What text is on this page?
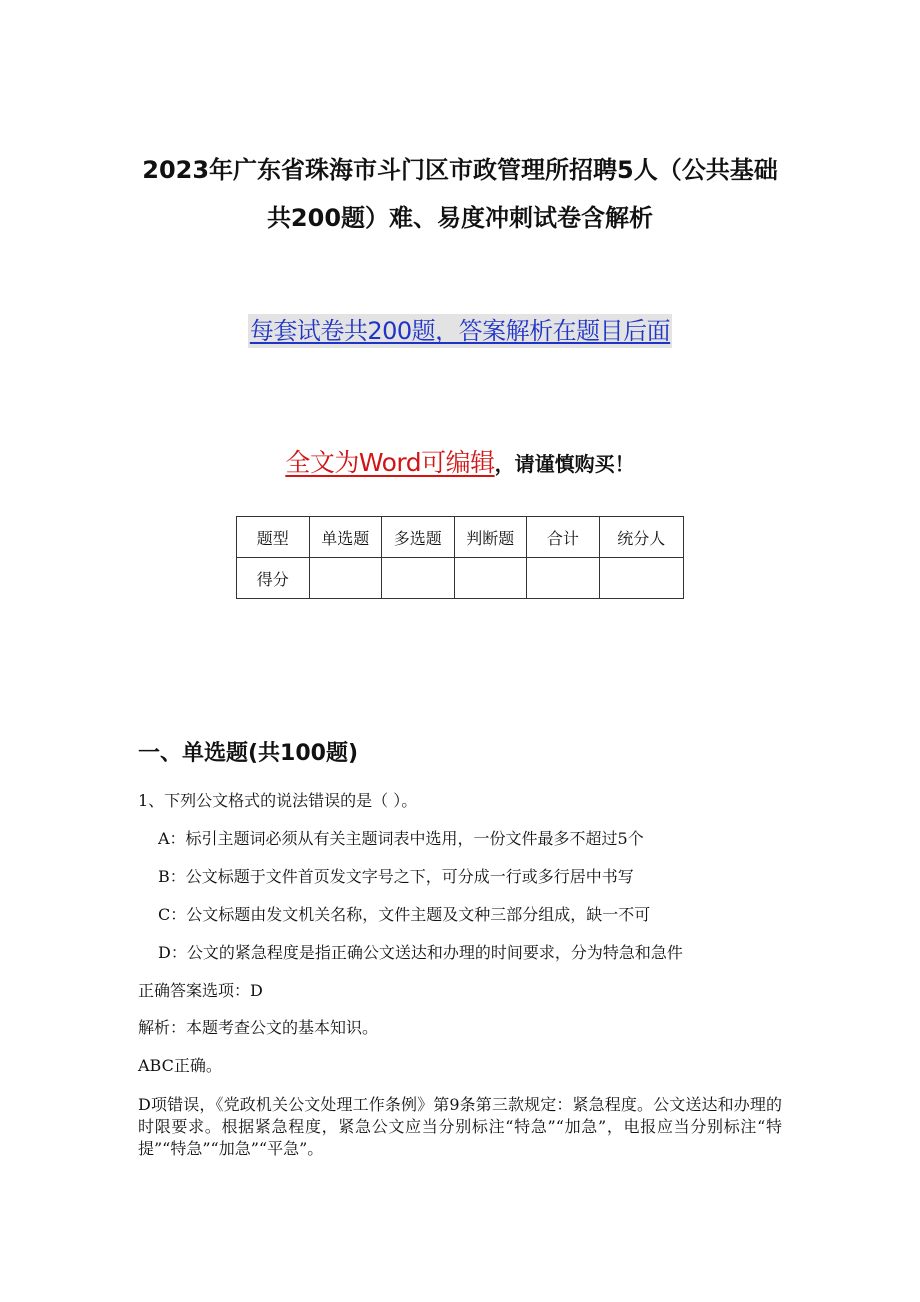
2023年广东省珠海市斗门区市政管理所招聘5人（公共基础
共200题）难、易度冲刺试卷含解析
每套试卷共200题，答案解析在题目后面
全文为Word可编辑，请谨慎购买！
题型	单选题	多选题	判断题	合计	统分人
得分					
一、单选题(共100题)
1、下列公文格式的说法错误的是（ ）。
A：标引主题词必须从有关主题词表中选用，一份文件最多不超过5个
B：公文标题于文件首页发文字号之下，可分成一行或多行居中书写
C：公文标题由发文机关名称，文件主题及文种三部分组成，缺一不可
D：公文的紧急程度是指正确公文送达和办理的时间要求，分为特急和急件
正确答案选项：D
解析：本题考查公文的基本知识。
ABC正确。
D项错误，《党政机关公文处理工作条例》第9条第三款规定：紧急程度。公文送达和办理的时限要求。根据紧急程度，紧急公文应当分别标注“特急”“加急”，电报应当分别标注“特提”“特急”“加急”“平急”。
